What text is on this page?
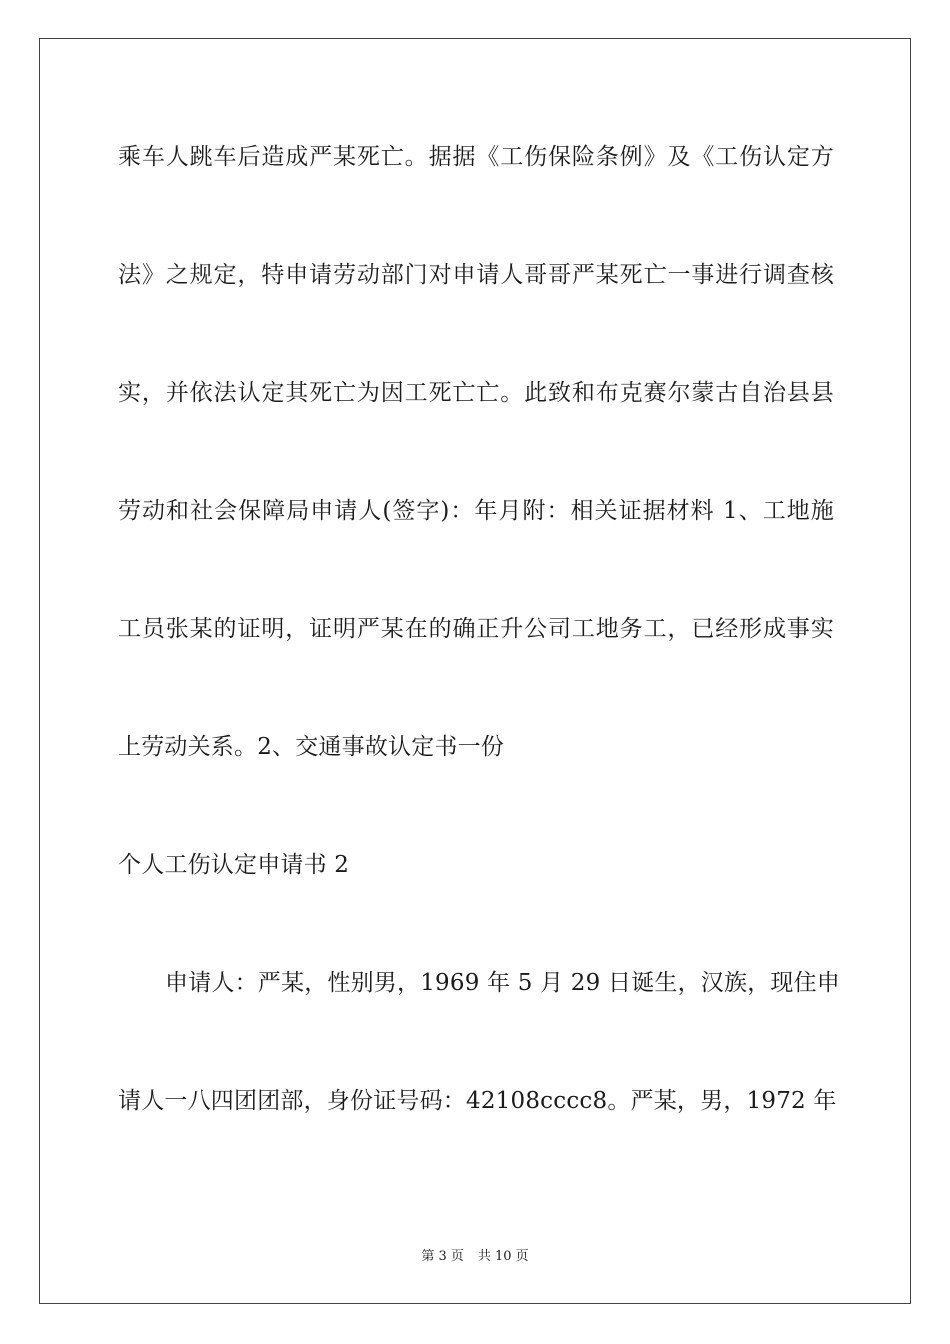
乘车人跳车后造成严某死亡。据据《工伤保险条例》及《工伤认定方
法》之规定，特申请劳动部门对申请人哥哥严某死亡一事进行调查核
实，并依法认定其死亡为因工死亡亡。此致和布克赛尔蒙古自治县县
劳动和社会保障局申请人(签字)：年月附：相关证据材料 1、工地施
工员张某的证明，证明严某在的确正升公司工地务工，已经形成事实
上劳动关系。2、交通事故认定书一份
个人工伤认定申请书 2
申请人：严某，性别男，1969 年 5 月 29 日诞生，汉族，现住申
请人一八四团团部，身份证号码：42108cccc8。严某，男，1972 年
第 3 页 共 10 页
